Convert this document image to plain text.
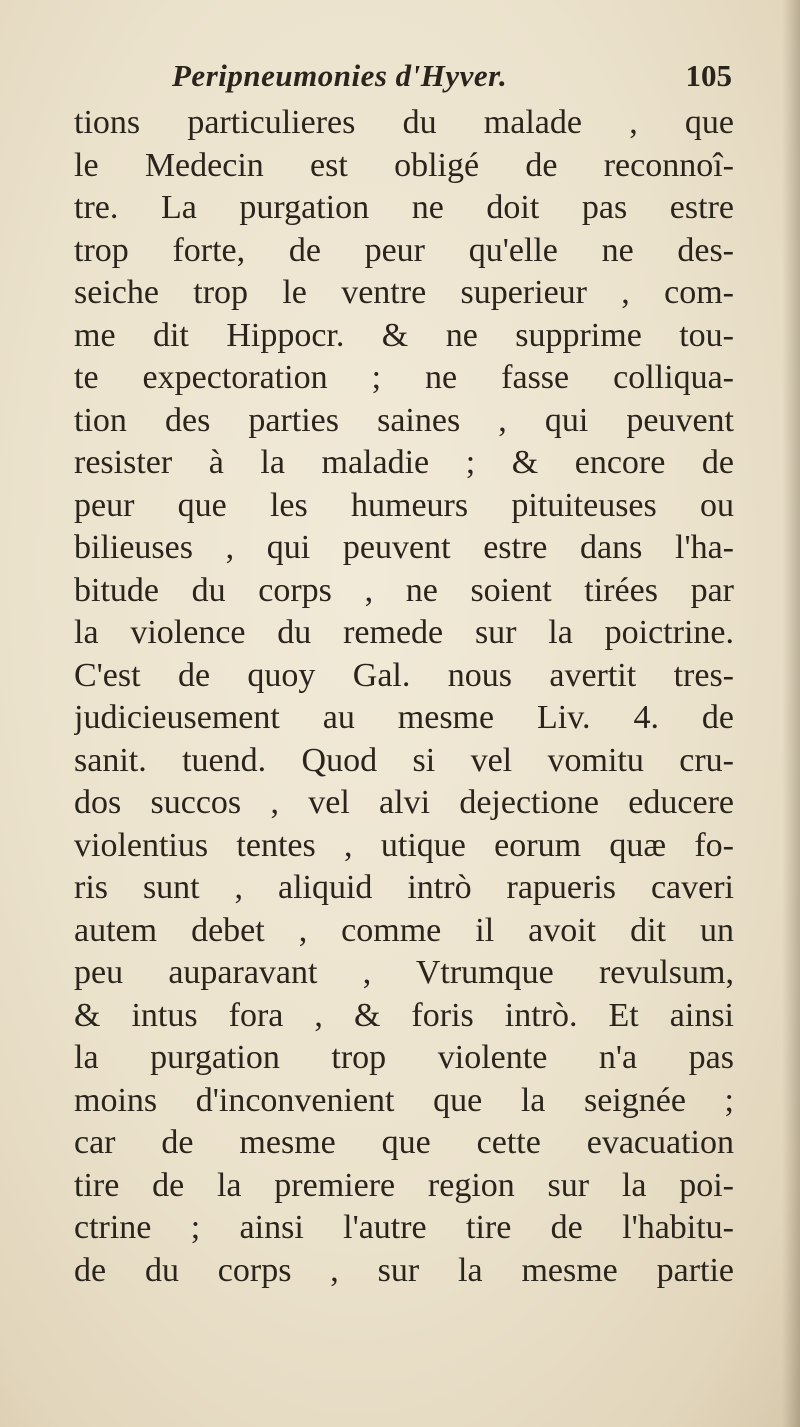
Peripneumonies d'Hyver.	105
tions particulieres du malade , que
le Medecin est obligé de reconnoî-
tre. La purgation ne doit pas estre
trop forte, de peur qu'elle ne des-
seiche trop le ventre superieur , com-
me dit Hippocr. & ne supprime tou-
te expectoration ; ne fasse colliqua-
tion des parties saines , qui peuvent
resister à la maladie ; & encore de
peur que les humeurs pituiteuses ou
bilieuses , qui peuvent estre dans l'ha-
bitude du corps , ne soient tirées par
la violence du remede sur la poictrine.
C'est de quoy Gal. nous avertit tres-
judicieusement au mesme Liv. 4. de
sanit. tuend. Quod si vel vomitu cru-
dos succos , vel alvi dejectione educere
violentius tentes , utique eorum quæ fo-
ris sunt , aliquid intrò rapueris caveri
autem debet , comme il avoit dit un
peu auparavant , Vtrumque revulsum,
& intus fora , & foris intrò. Et ainsi
la purgation trop violente n'a pas
moins d'inconvenient que la seignée ;
car de mesme que cette evacuation
tire de la premiere region sur la poi-
ctrine ; ainsi l'autre tire de l'habitu-
de du corps , sur la mesme partie
